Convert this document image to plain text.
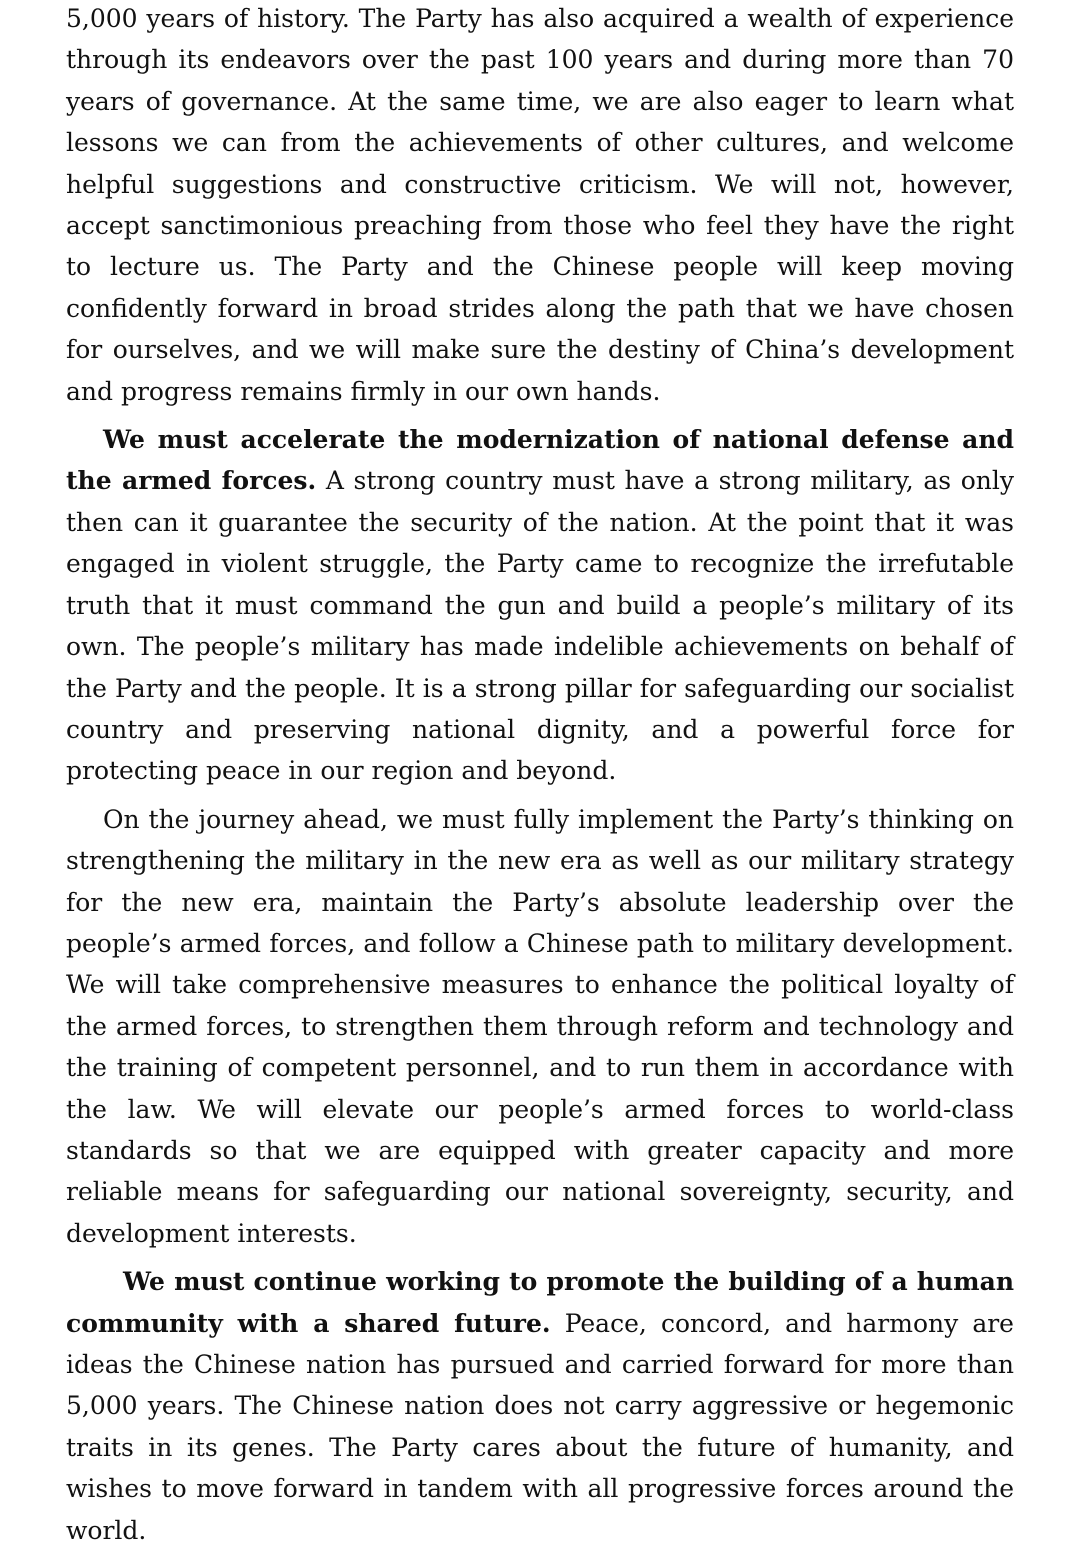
5,000 years of history. The Party has also acquired a wealth of experience through its endeavors over the past 100 years and during more than 70 years of governance. At the same time, we are also eager to learn what lessons we can from the achievements of other cultures, and welcome helpful suggestions and constructive criticism. We will not, however, accept sanctimonious preaching from those who feel they have the right to lecture us. The Party and the Chinese people will keep moving confidently forward in broad strides along the path that we have chosen for ourselves, and we will make sure the destiny of China’s development and progress remains firmly in our own hands.

We must accelerate the modernization of national defense and the armed forces. A strong country must have a strong military, as only then can it guarantee the security of the nation. At the point that it was engaged in violent struggle, the Party came to recognize the irrefutable truth that it must command the gun and build a people’s military of its own. The people’s military has made indelible achievements on behalf of the Party and the people. It is a strong pillar for safeguarding our socialist country and preserving national dignity, and a powerful force for protecting peace in our region and beyond.

On the journey ahead, we must fully implement the Party’s thinking on strengthening the military in the new era as well as our military strategy for the new era, maintain the Party’s absolute leadership over the people’s armed forces, and follow a Chinese path to military development. We will take comprehensive measures to enhance the political loyalty of the armed forces, to strengthen them through reform and technology and the training of competent personnel, and to run them in accordance with the law. We will elevate our people’s armed forces to world-class standards so that we are equipped with greater capacity and more reliable means for safeguarding our national sovereignty, security, and development interests.

We must continue working to promote the building of a human community with a shared future. Peace, concord, and harmony are ideas the Chinese nation has pursued and carried forward for more than 5,000 years. The Chinese nation does not carry aggressive or hegemonic traits in its genes. The Party cares about the future of humanity, and wishes to move forward in tandem with all progressive forces around the world.
